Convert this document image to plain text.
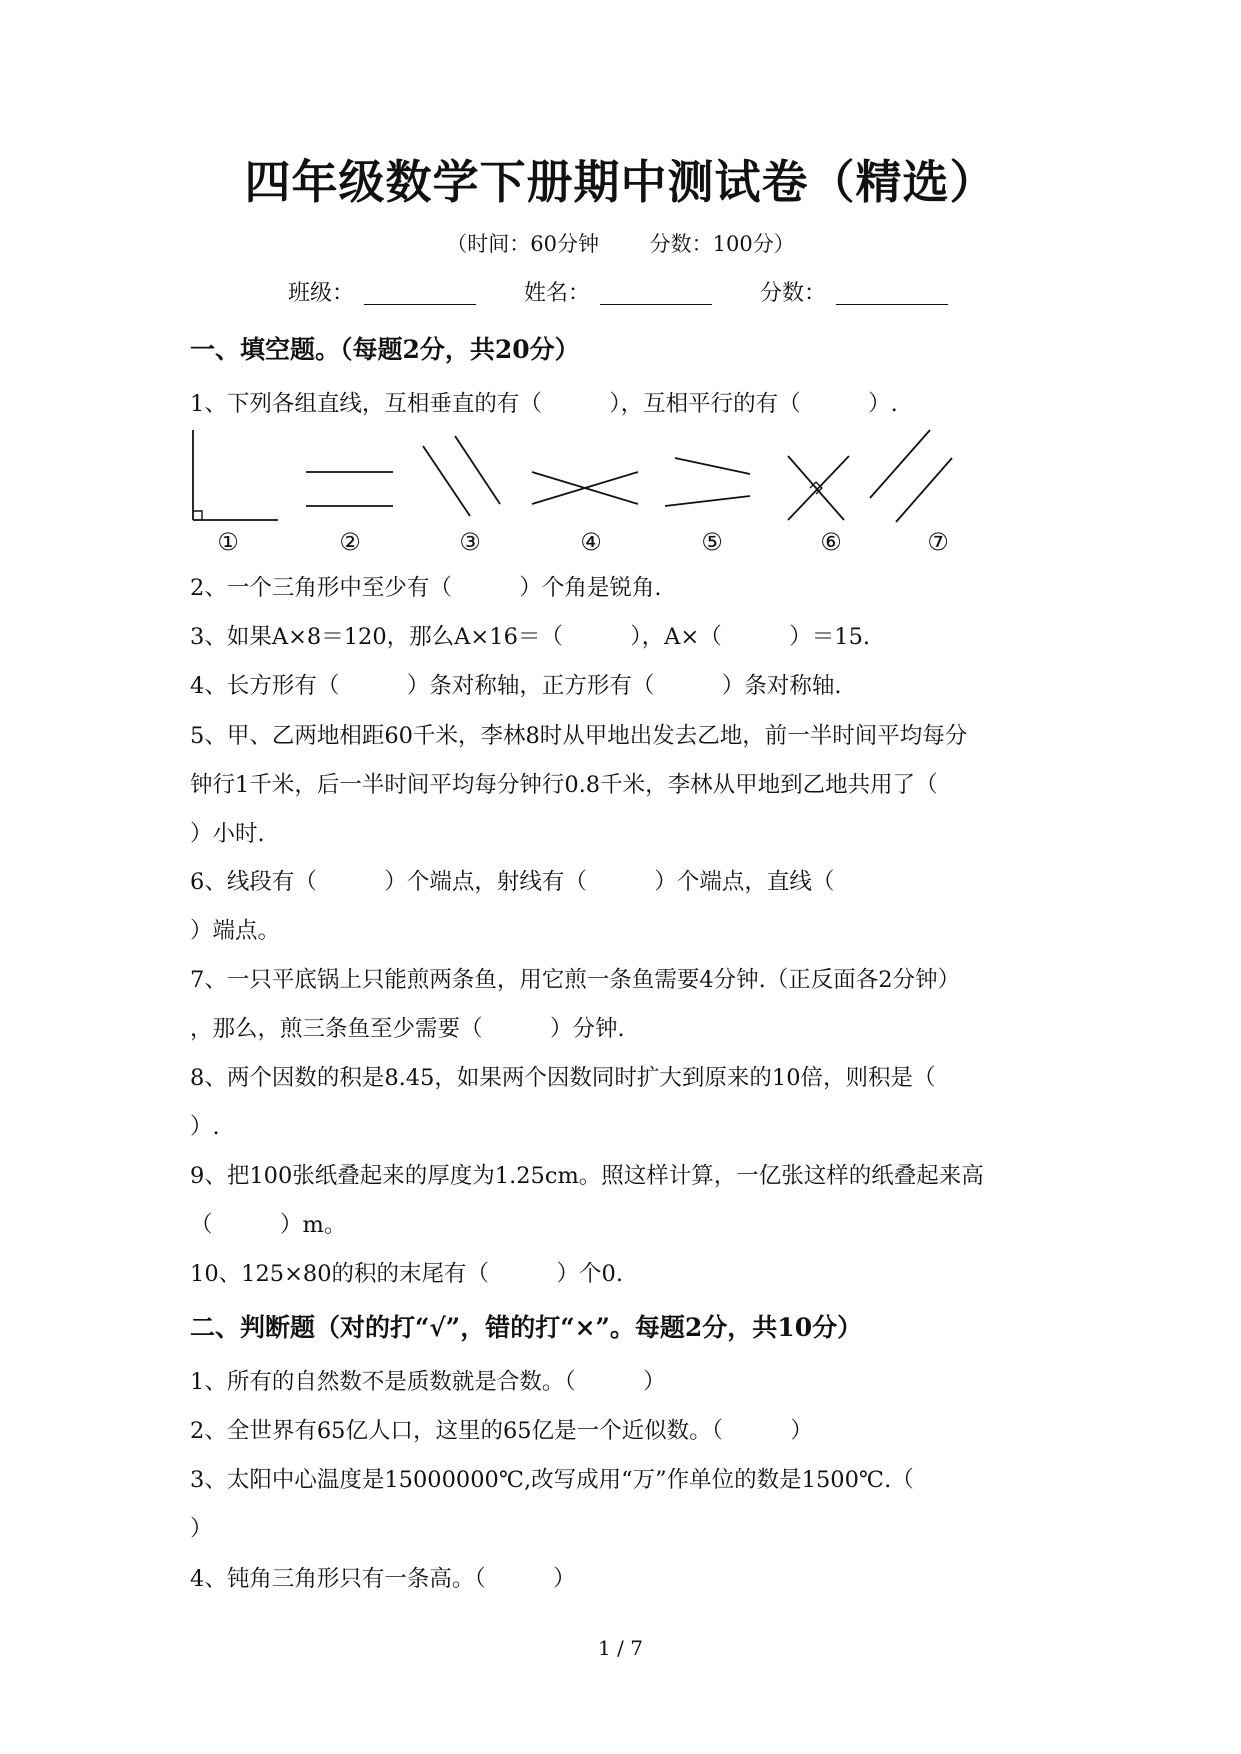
四年级数学下册期中测试卷（精选）
（时间：60分钟 分数：100分）
班级：	姓名：	分数：
一、填空题。（每题2分，共20分）
1、下列各组直线，互相垂直的有（　　　），互相平行的有（　　　）.
①	②	③	④	⑤	⑥	⑦
2、一个三角形中至少有（　　　）个角是锐角.
3、如果A×8＝120，那么A×16＝（　　　），A×（　　　）＝15.
4、长方形有（　　　）条对称轴，正方形有（　　　）条对称轴.
5、甲、乙两地相距60千米，李林8时从甲地出发去乙地，前一半时间平均每分
钟行1千米，后一半时间平均每分钟行0.8千米，李林从甲地到乙地共用了（
）小时.
6、线段有（　　　）个端点，射线有（　　　）个端点，直线（
）端点。
7、一只平底锅上只能煎两条鱼，用它煎一条鱼需要4分钟.（正反面各2分钟）
，那么，煎三条鱼至少需要（　　　）分钟.
8、两个因数的积是8.45，如果两个因数同时扩大到原来的10倍，则积是（
）.
9、把100张纸叠起来的厚度为1.25cm。照这样计算，一亿张这样的纸叠起来高
（　　　）m。
10、125×80的积的末尾有（　　　）个0.
二、判断题（对的打“√”，错的打“×”。每题2分，共10分）
1、所有的自然数不是质数就是合数。（　　　）
2、全世界有65亿人口，这里的65亿是一个近似数。（　　　）
3、太阳中心温度是15000000℃,改写成用“万”作单位的数是1500℃.（
）
4、钝角三角形只有一条高。（　　　）
1 / 7
